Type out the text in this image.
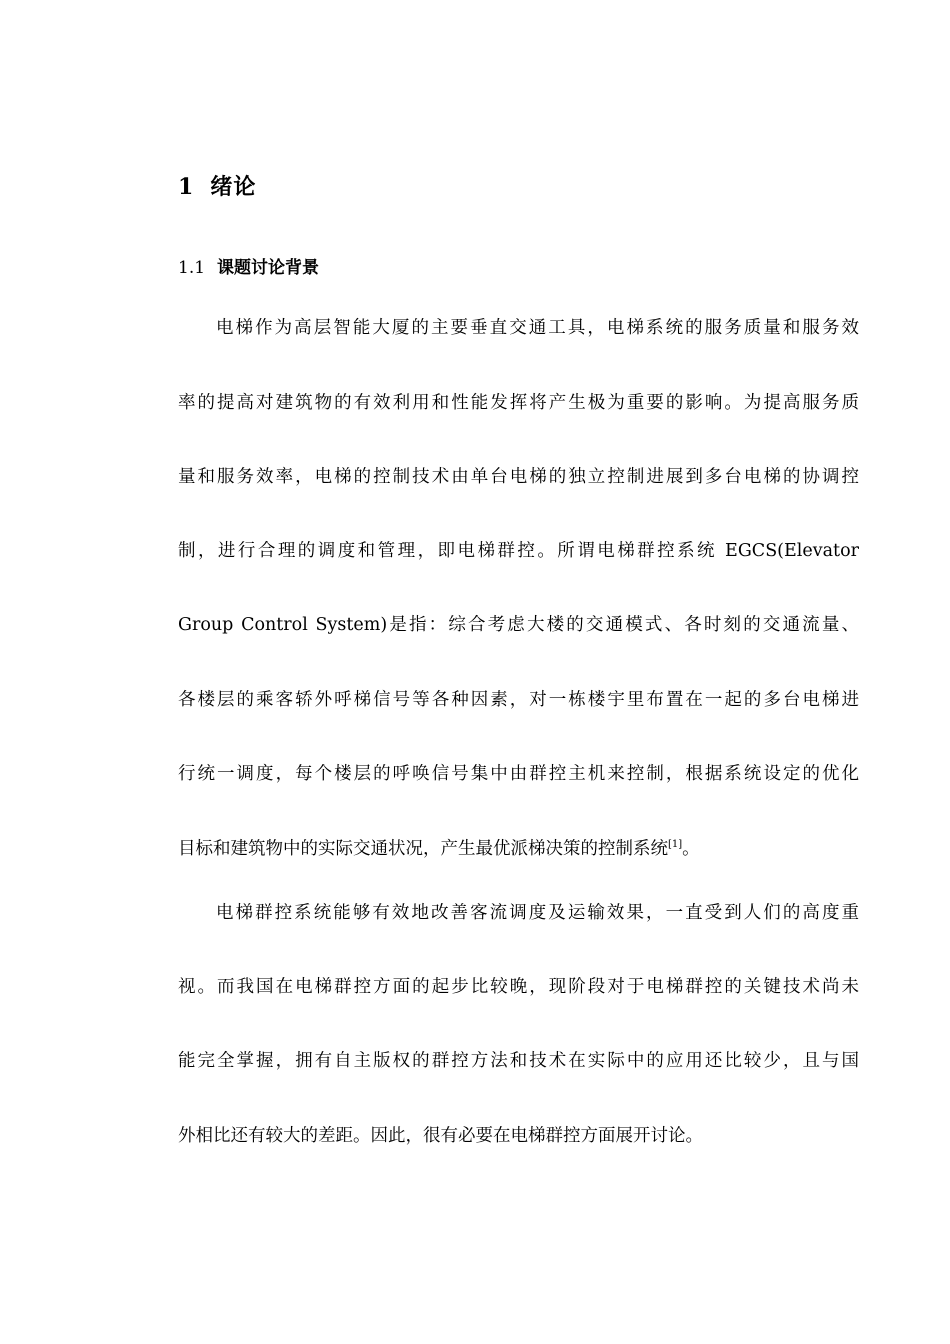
1 绪论
1.1 课题讨论背景
电梯作为高层智能大厦的主要垂直交通工具，电梯系统的服务质量和服务效
率的提高对建筑物的有效利用和性能发挥将产生极为重要的影响。为提高服务质
量和服务效率，电梯的控制技术由单台电梯的独立控制进展到多台电梯的协调控
制，进行合理的调度和管理，即电梯群控。所谓电梯群控系统 EGCS(Elevator
Group Control System)是指：综合考虑大楼的交通模式、各时刻的交通流量、
各楼层的乘客轿外呼梯信号等各种因素，对一栋楼宇里布置在一起的多台电梯进
行统一调度，每个楼层的呼唤信号集中由群控主机来控制，根据系统设定的优化
目标和建筑物中的实际交通状况，产生最优派梯决策的控制系统[1]。
电梯群控系统能够有效地改善客流调度及运输效果，一直受到人们的高度重
视。而我国在电梯群控方面的起步比较晚，现阶段对于电梯群控的关键技术尚未
能完全掌握，拥有自主版权的群控方法和技术在实际中的应用还比较少，且与国
外相比还有较大的差距。因此，很有必要在电梯群控方面展开讨论。
